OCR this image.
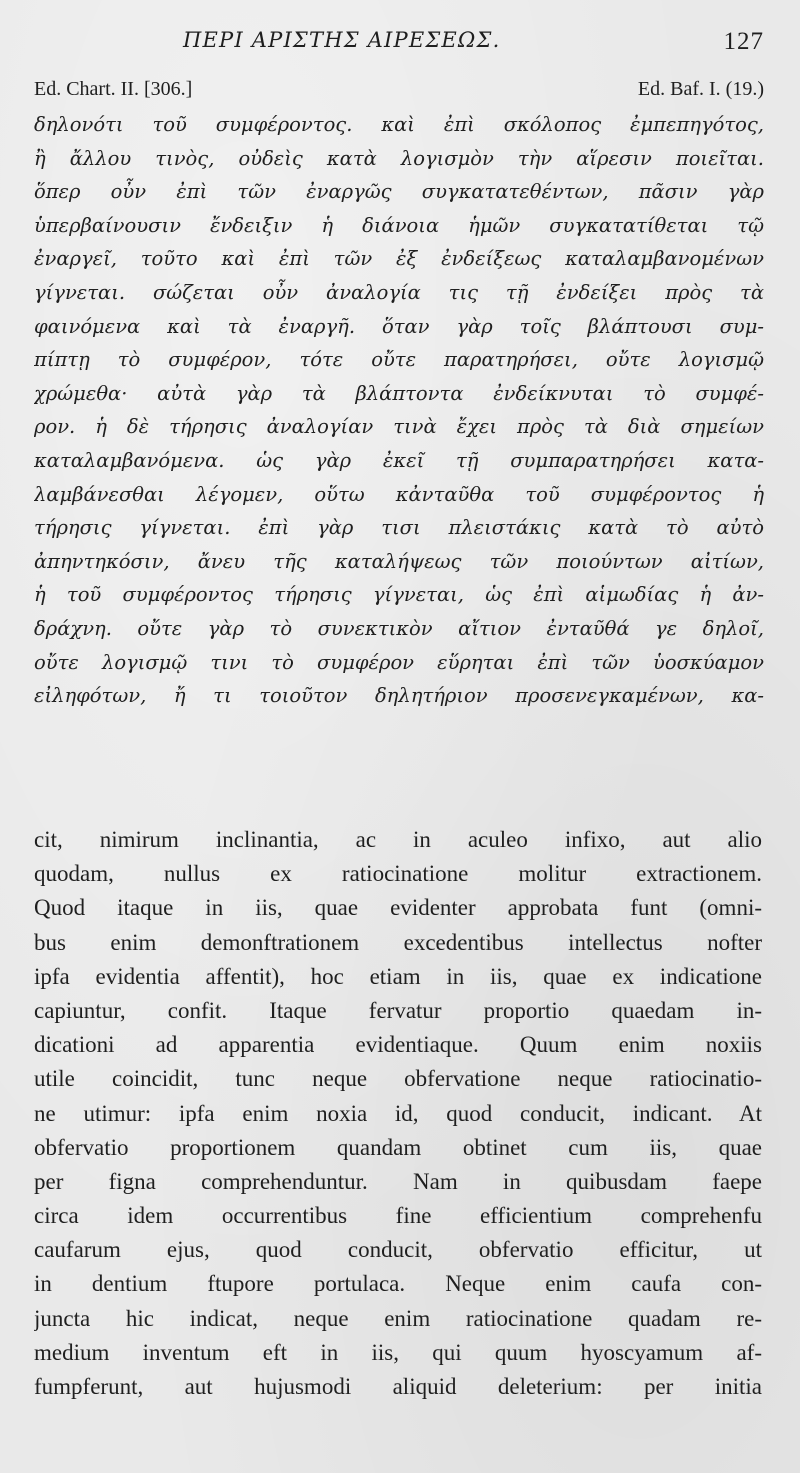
ΠΕΡΙ ΑΡΙΣΤΗΣ ΑΙΡΕΣΕΩΣ.	127
Ed. Chart. II. [306.]	Ed. Baf. I. (19.)
δηλονότι τοῦ συμφέροντος. καὶ ἐπὶ σκόλοπος ἐμπεπηγότος,
ἢ ἄλλου τινὸς, οὐδεὶς κατὰ λογισμὸν τὴν αἵρεσιν ποιεῖται.
ὅπερ οὖν ἐπὶ τῶν ἐναργῶς συγκατατεθέντων, πᾶσιν γὰρ
ὑπερβαίνουσιν ἔνδειξιν ἡ διάνοια ἡμῶν συγκατατίθεται τῷ
ἐναργεῖ, τοῦτο καὶ ἐπὶ τῶν ἐξ ἐνδείξεως καταλαμβανομένων
γίγνεται. σώζεται οὖν ἀναλογία τις τῇ ἐνδείξει πρὸς τὰ
φαινόμενα καὶ τὰ ἐναργῆ. ὅταν γὰρ τοῖς βλάπτουσι συμ-
πίπτῃ τὸ συμφέρον, τότε οὔτε παρατηρήσει, οὔτε λογισμῷ
χρώμεθα· αὐτὰ γὰρ τὰ βλάπτοντα ἐνδείκνυται τὸ συμφέ-
ρον. ἡ δὲ τήρησις ἀναλογίαν τινὰ ἔχει πρὸς τὰ διὰ σημείων
καταλαμβανόμενα. ὡς γὰρ ἐκεῖ τῇ συμπαρατηρήσει κατα-
λαμβάνεσθαι λέγομεν, οὕτω κἀνταῦθα τοῦ συμφέροντος ἡ
τήρησις γίγνεται. ἐπὶ γὰρ τισι πλειστάκις κατὰ τὸ αὐτὸ
ἀπηντηκόσιν, ἄνευ τῆς καταλήψεως τῶν ποιούντων αἰτίων,
ἡ τοῦ συμφέροντος τήρησις γίγνεται, ὡς ἐπὶ αἱμωδίας ἡ ἀν-
δράχνη. οὔτε γὰρ τὸ συνεκτικὸν αἴτιον ἐνταῦθά γε δηλοῖ,
οὔτε λογισμῷ τινι τὸ συμφέρον εὕρηται ἐπὶ τῶν ὑοσκύαμον
εἰληφότων, ἤ τι τοιοῦτον δηλητήριον προσενεγκαμένων, κα-
cit, nimirum inclinantia, ac in aculeo infixo, aut alio
quodam, nullus ex ratiocinatione molitur extractionem.
Quod itaque in iis, quae evidenter approbata funt (omni-
bus enim demonftrationem excedentibus intellectus nofter
ipfa evidentia affentit), hoc etiam in iis, quae ex indicatione
capiuntur, confit. Itaque fervatur proportio quaedam in-
dicationi ad apparentia evidentiaque. Quum enim noxiis
utile coincidit, tunc neque obfervatione neque ratiocinatio-
ne utimur: ipfa enim noxia id, quod conducit, indicant. At
obfervatio proportionem quandam obtinet cum iis, quae
per figna comprehenduntur. Nam in quibusdam faepe
circa idem occurrentibus fine efficientium comprehenfu
caufarum ejus, quod conducit, obfervatio efficitur, ut
in dentium ftupore portulaca. Neque enim caufa con-
juncta hic indicat, neque enim ratiocinatione quadam re-
medium inventum eft in iis, qui quum hyoscyamum af-
fumpferunt, aut hujusmodi aliquid deleterium: per initia
